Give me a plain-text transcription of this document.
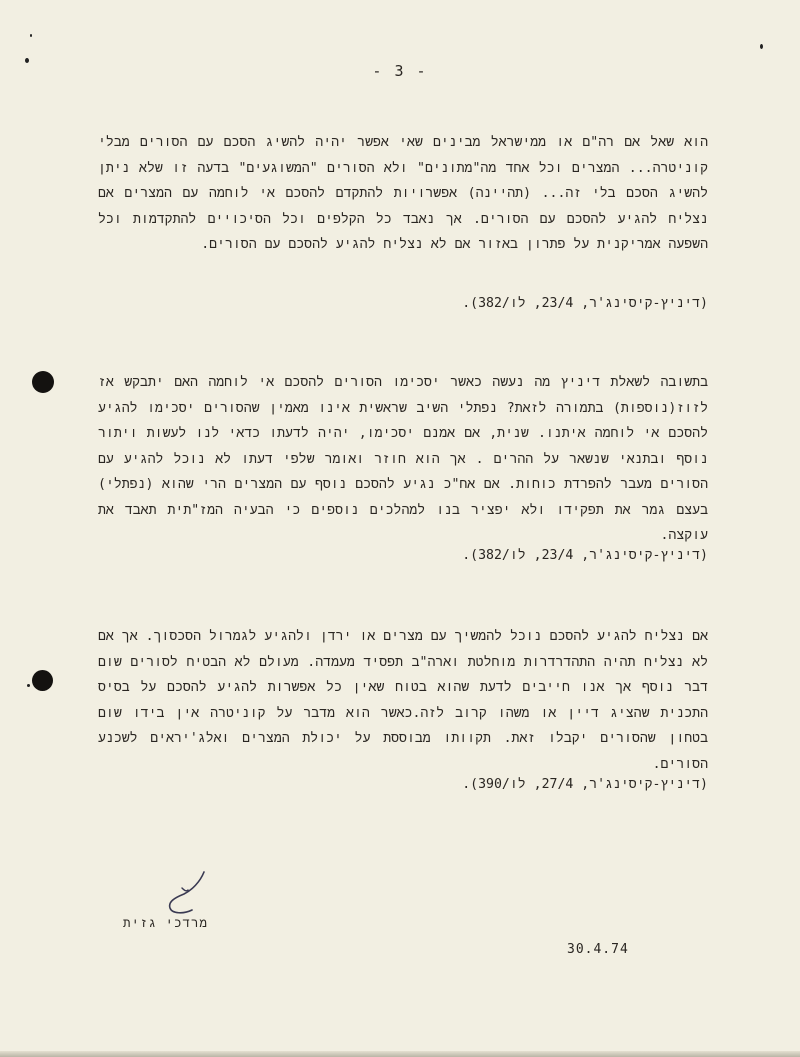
- 3 -

הוא שאל אם רה"ם או ממישראל מבינים שאי אפשר יהיה להשיג הסכם עם הסורים מבלי קוניטרה... המצרים וכל אחד מה"מתונים" ולא הסורים "המשוגעים" בדעה זו שלא ניתן להשיג הסכם בלי זה... (תהיינה) אפשרויות להתקדם להסכם אי לוחמה עם המצרים אם נצליח להגיע להסכם עם הסורים. אך נאבד כל הקלפים וכל הסיכויים להתקדמות וכל השפעה אמריקנית על פתרון באזור אם לא נצליח להגיע להסכם עם הסורים.

(דיניץ-קיסינג'ר, 23/4, לו/382).

בתשובה לשאלת דיניץ מה נעשה כאשר יסכימו הסורים להסכם אי לוחמה האם יתבקש אז לזוז(נוספות) בתמורה לזאת? נפתלי השיב שראשית אינו מאמין שהסורים יסכימו להגיע להסכם אי לוחמה איתנו. שנית, אם אמנם יסכימו, יהיה לדעתו כדאי לנו לעשות ויתור נוסף ובתנאי שנשאר על ההרים . אך הוא חוזר ואומר שלפי דעתו לא נוכל להגיע עם הסורים מעבר להפרדת כוחות. אם אח"כ נגיע להסכם נוסף עם המצרים הרי שהוא (נפתלי) בעצם גמר את תפקידו ולא יפציר בנו למהלכים נוספים כי הבעיה המז"תית תאבד את עוקצה.

(דיניץ-קיסינג'ר, 23/4, לו/382).

אם נצליח להגיע להסכם נוכל להמשיך עם מצרים או ירדן ולהגיע לגמרול הסכסוך. אך אם לא נצליח תהיה התהדרדרות מוחלטת וארה"ב תפסיד מעמדה. מעולם לא הבטיח לסורים שום דבר נוסף אך אנו חייבים לדעת שהוא בטוח שאין כל אפשרות להגיע להסכם על בסיס התכנית שהציג דיין או משהו קרוב לזה.כאשר הוא מדבר על קוניטרה אין בידו שום בטחון שהסורים יקבלו זאת. תקוותו מבוססת על יכולת המצרים ואלג'יראים לשכנע הסורים.

(דיניץ-קיסינג'ר, 27/4, לו/390).
מרדכי גזית
30.4.74
